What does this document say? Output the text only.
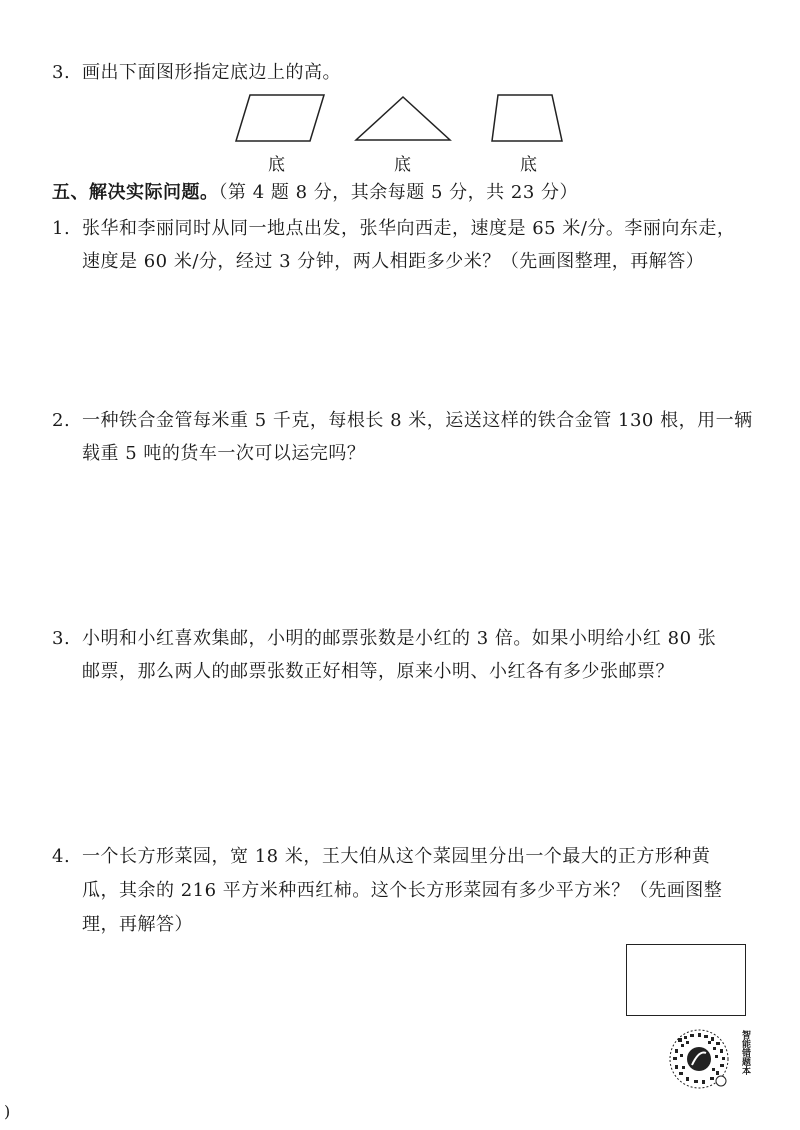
3. 画出下面图形指定底边上的高。

底	底	底

五、解决实际问题。（第 4 题 8 分，其余每题 5 分，共 23 分）

1. 张华和李丽同时从同一地点出发，张华向西走，速度是 65 米/分。李丽向东走，

速度是 60 米/分，经过 3 分钟，两人相距多少米？（先画图整理，再解答）

2. 一种铁合金管每米重 5 千克，每根长 8 米，运送这样的铁合金管 130 根，用一辆

载重 5 吨的货车一次可以运完吗？

3. 小明和小红喜欢集邮，小明的邮票张数是小红的 3 倍。如果小明给小红 80 张

邮票，那么两人的邮票张数正好相等，原来小明、小红各有多少张邮票？

4. 一个长方形菜园，宽 18 米，王大伯从这个菜园里分出一个最大的正方形种黄

瓜，其余的 216 平方米种西红柿。这个长方形菜园有多少平方米？（先画图整

理，再解答）

智能错题本
)
